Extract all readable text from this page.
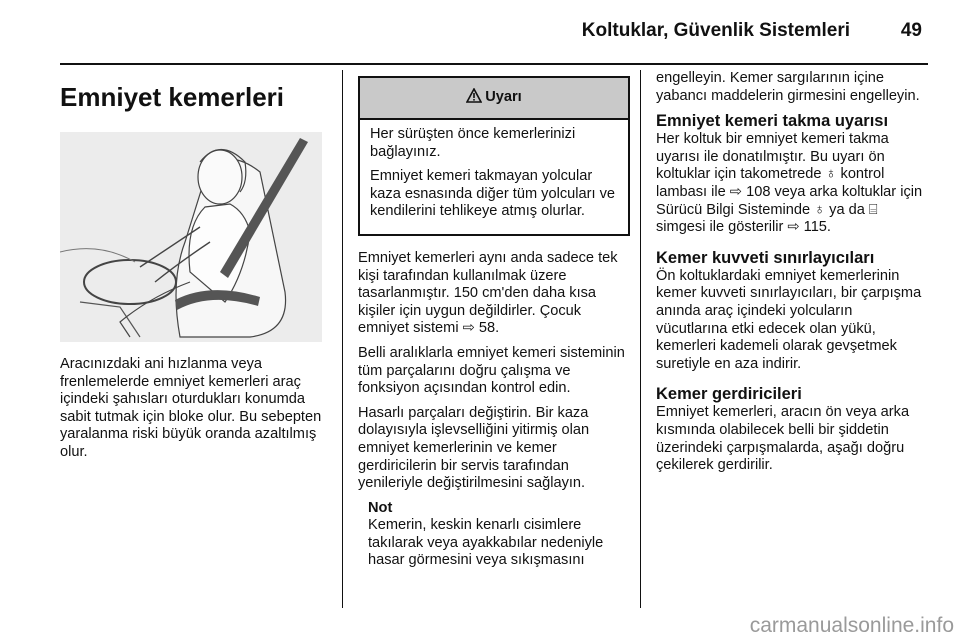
Koltuklar, Güvenlik Sistemleri	49
Emniyet kemerleri

Aracınızdaki ani hızlanma veya frenlemelerde emniyet kemerleri araç içindeki şahısları oturdukları konumda sabit tutmak için bloke olur. Bu sebepten yaralanma riski büyük oranda azaltılmış olur.

Uyarı

Her sürüşten önce kemerlerinizi bağlayınız.

Emniyet kemeri takmayan yolcular kaza esnasında diğer tüm yolcuları ve kendilerini tehlikeye atmış olurlar.

Emniyet kemerleri aynı anda sadece tek kişi tarafından kullanılmak üzere tasarlanmıştır. 150 cm'den daha kısa kişiler için uygun değildirler. Çocuk emniyet sistemi ⇨ 58.

Belli aralıklarla emniyet kemeri sisteminin tüm parçalarını doğru çalışma ve fonksiyon açısından kontrol edin.

Hasarlı parçaları değiştirin. Bir kaza dolayısıyla işlevselliğini yitirmiş olan emniyet kemerlerinin ve kemer gerdiricilerin bir servis tarafından yenileriyle değiştirilmesini sağlayın.

Not
Kemerin, keskin kenarlı cisimlere takılarak veya ayakkabılar nedeniyle hasar görmesini veya sıkışmasını

engelleyin. Kemer sargılarının içine yabancı maddelerin girmesini engelleyin.

Emniyet kemeri takma uyarısı

Her koltuk bir emniyet kemeri takma uyarısı ile donatılmıştır. Bu uyarı ön koltuklar için takometrede ♁ kontrol lambası ile ⇨ 108 veya arka koltuklar için Sürücü Bilgi Sisteminde ♁ ya da ⌸ simgesi ile gösterilir ⇨ 115.

Kemer kuvveti sınırlayıcıları

Ön koltuklardaki emniyet kemerlerinin kemer kuvveti sınırlayıcıları, bir çarpışma anında araç içindeki yolcuların vücutlarına etki edecek olan yükü, kemerleri kademeli olarak gevşetmek suretiyle en aza indirir.

Kemer gerdiricileri

Emniyet kemerleri, aracın ön veya arka kısmında olabilecek belli bir şiddetin üzerindeki çarpışmalarda, aşağı doğru çekilerek gerdirilir.

carmanualsonline.info
